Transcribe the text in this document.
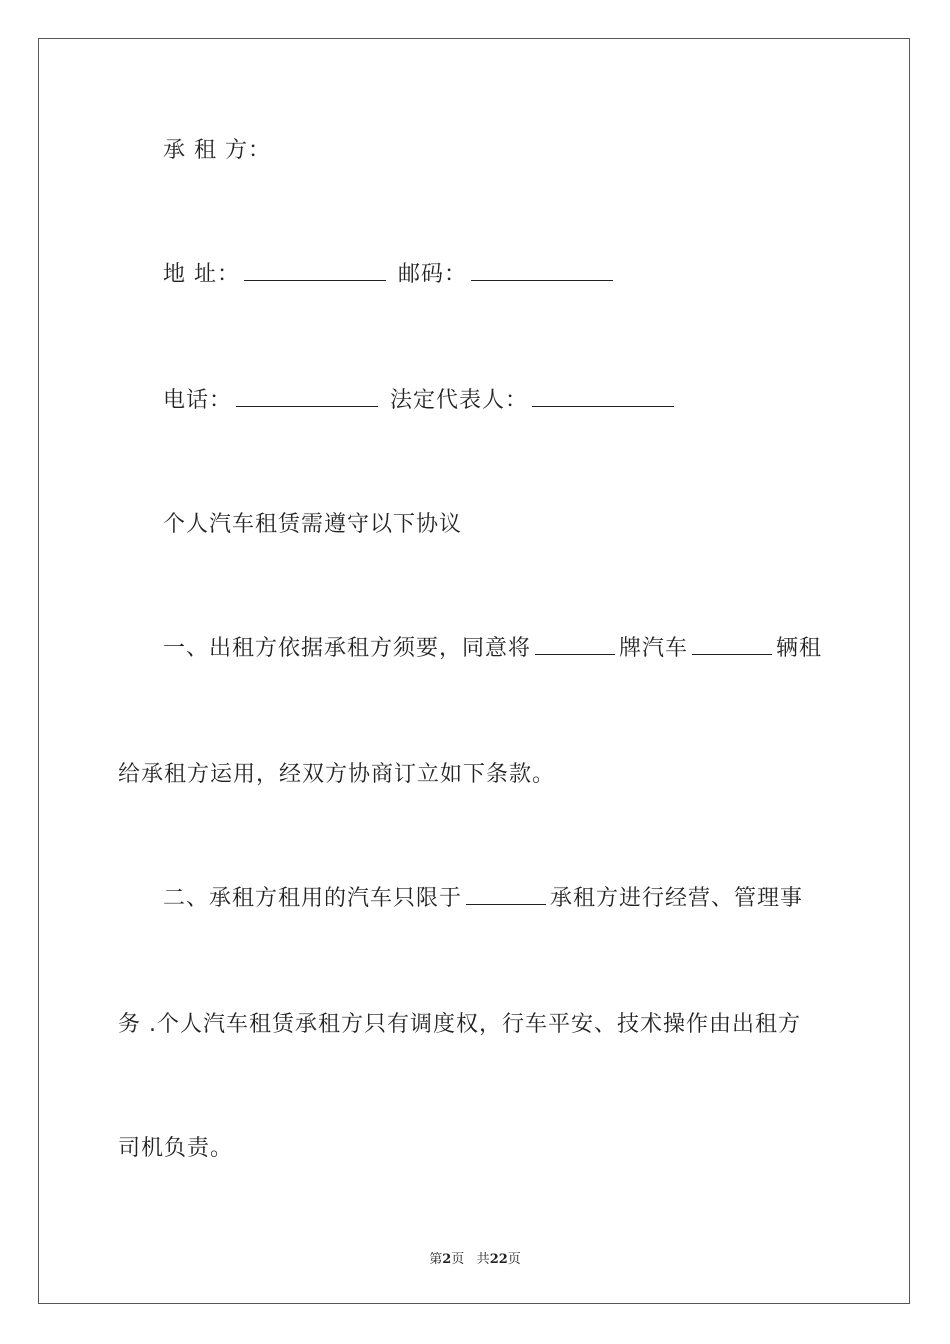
承 租 方：
地 址：	邮码：
电话：	法定代表人：
个人汽车租赁需遵守以下协议
一、出租方依据承租方须要，同意将	牌汽车	辆租
给承租方运用，经双方协商订立如下条款。
二、承租方租用的汽车只限于	承租方进行经营、管理事
务 .个人汽车租赁承租方只有调度权，行车平安、技术操作由出租方
司机负责。
第2页 共22页
